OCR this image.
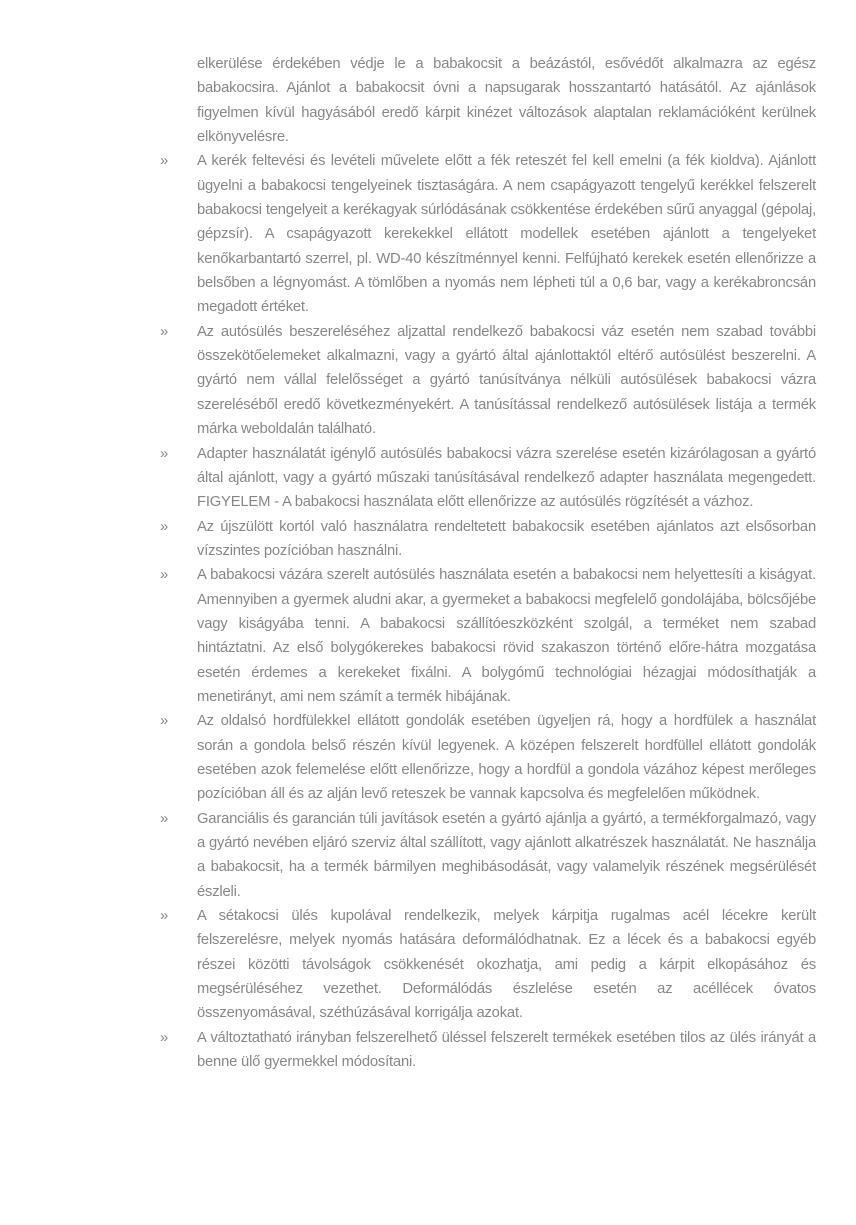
elkerülése érdekében védje le a babakocsit a beázástól, esővédőt alkalmazra az egész babakocsira. Ajánlot a babakocsit óvni a napsugarak hosszantartó hatásától. Az ajánlások figyelmen kívül hagyásából eredő kárpit kinézet változások alaptalan reklamációként kerülnek elkönyvelésre.

»	A kerék feltevési és levételi művelete előtt a fék reteszét fel kell emelni (a fék kioldva). Ajánlott ügyelni a babakocsi tengelyeinek tisztaságára. A nem csapágyazott tengelyű kerékkel felszerelt babakocsi tengelyeit a kerékagyak súrlódásának csökkentése érdekében sűrű anyaggal (gépolaj, gépzsír). A csapágyazott kerekekkel ellátott modellek esetében ajánlott a tengelyeket kenőkarbantartó szerrel, pl. WD-40 készítménnyel kenni. Felfújható kerekek esetén ellenőrizze a belsőben a légnyomást. A tömlőben a nyomás nem lépheti túl a 0,6 bar, vagy a kerékabroncsán megadott értéket.

»	Az autósülés beszereléséhez aljzattal rendelkező babakocsi váz esetén nem szabad további összekötőelemeket alkalmazni, vagy a gyártó által ajánlottaktól eltérő autósülést beszerelni. A gyártó nem vállal felelősséget a gyártó tanúsítványa nélküli autósülések babakocsi vázra szereléséből eredő következményekért. A tanúsítással rendelkező autósülések listája a termék márka weboldalán található.

»	Adapter használatát igénylő autósülés babakocsi vázra szerelése esetén kizárólagosan a gyártó által ajánlott, vagy a gyártó műszaki tanúsításával rendelkező adapter használata megengedett. FIGYELEM - A babakocsi használata előtt ellenőrizze az autósülés rögzítését a vázhoz.

»	Az újszülött kortól való használatra rendeltetett babakocsik esetében ajánlatos azt elsősorban vízszintes pozícióban használni.

»	A babakocsi vázára szerelt autósülés használata esetén a babakocsi nem helyettesíti a kiságyat. Amennyiben a gyermek aludni akar, a gyermeket a babakocsi megfelelő gondolájába, bölcsőjébe vagy kiságyába tenni. A babakocsi szállítóeszközként szolgál, a terméket nem szabad hintáztatni. Az első bolygókerekes babakocsi rövid szakaszon történő előre-hátra mozgatása esetén érdemes a kerekeket fixálni. A bolygómű technológiai hézagjai módosíthatják a menetirányt, ami nem számít a termék hibájának.

»	Az oldalsó hordfülekkel ellátott gondolák esetében ügyeljen rá, hogy a hordfülek a használat során a gondola belső részén kívül legyenek. A középen felszerelt hordfüllel ellátott gondolák esetében azok felemelése előtt ellenőrizze, hogy a hordfül a gondola vázához képest merőleges pozícióban áll és az alján levő reteszek be vannak kapcsolva és megfelelően működnek.

»	Garanciális és garancián túli javítások esetén a gyártó ajánlja a gyártó, a termékforgalmazó, vagy a gyártó nevében eljáró szerviz által szállított, vagy ajánlott alkatrészek használatát. Ne használja a babakocsit, ha a termék bármilyen meghibásodását, vagy valamelyik részének megsérülését észleli.

»	A sétakocsi ülés kupolával rendelkezik, melyek kárpitja rugalmas acél lécekre került felszerelésre, melyek nyomás hatására deformálódhatnak. Ez a lécek és a babakocsi egyéb részei közötti távolságok csökkenését okozhatja, ami pedig a kárpit elkopásához és megsérüléséhez vezethet. Deformálódás észlelése esetén az acéllécek óvatos összenyomásával, széthúzásával korrigálja azokat.

»	A változtatható irányban felszerelhető üléssel felszerelt termékek esetében tilos az ülés irányát a benne ülő gyermekkel módosítani.
